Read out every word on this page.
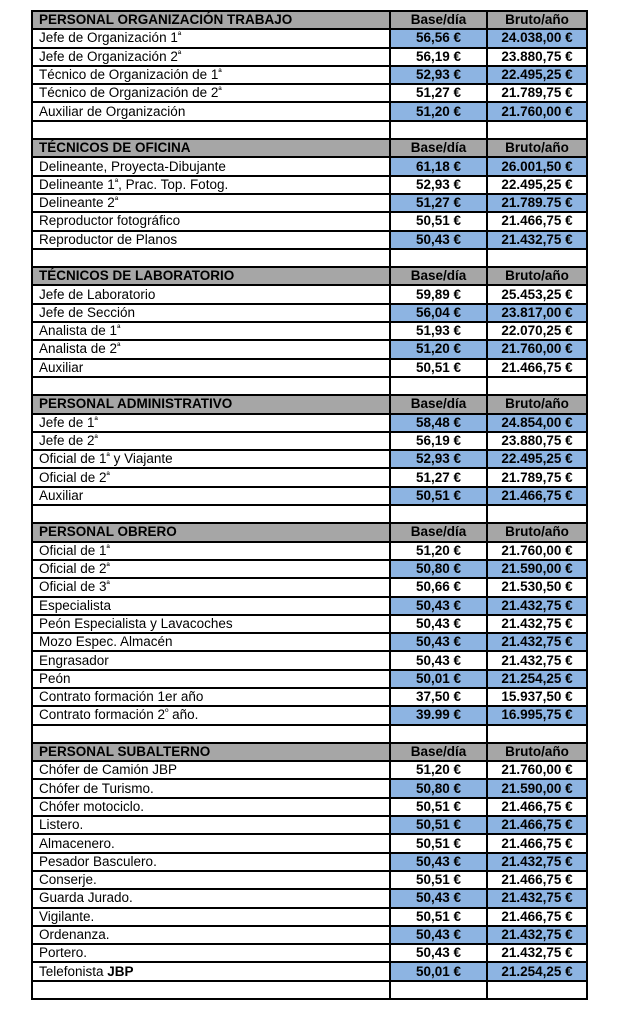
PERSONAL ORGANIZACIÓN TRABAJO	Base/día	Bruto/año
Jefe de Organización $1^ª$	56,56 €	24.038,00 €
Jefe de Organización $2^ª$	56,19 €	23.880,75 €
Técnico de Organización de $1^ª$	52,93 €	22.495,25 €
Técnico de Organización de $2^ª$	51,27 €	21.789,75 €
Auxiliar de Organización	51,20 €	21.760,00 €

TÉCNICOS DE OFICINA	Base/día	Bruto/año
Delineante, Proyecta-Dibujante	61,18 €	26.001,50 €
Delineante $1^ª$, Prac. Top. Fotog.	52,93 €	22.495,25 €
Delineante $2^ª$	51,27 €	21.789.75 €
Reproductor fotográfico	50,51 €	21.466,75 €
Reproductor de Planos	50,43 €	21.432,75 €

TÉCNICOS DE LABORATORIO	Base/día	Bruto/año
Jefe de Laboratorio	59,89 €	25.453,25 €
Jefe de Sección	56,04 €	23.817,00 €
Analista de $1^ª$	51,93 €	22.070,25 €
Analista de $2^ª$	51,20 €	21.760,00 €
Auxiliar	50,51 €	21.466,75 €

PERSONAL ADMINISTRATIVO	Base/día	Bruto/año
Jefe de $1^ª$	58,48 €	24.854,00 €
Jefe de $2^ª$	56,19 €	23.880,75 €
Oficial de $1^ª$ y Viajante	52,93 €	22.495,25 €
Oficial de $2^ª$	51,27 €	21.789,75 €
Auxiliar	50,51 €	21.466,75 €

PERSONAL OBRERO	Base/día	Bruto/año
Oficial de $1^ª$	51,20 €	21.760,00 €
Oficial de $2^ª$	50,80 €	21.590,00 €
Oficial de $3^ª$	50,66 €	21.530,50 €
Especialista	50,43 €	21.432,75 €
Peón Especialista y Lavacoches	50,43 €	21.432,75 €
Mozo Espec. Almacén	50,43 €	21.432,75 €
Engrasador	50,43 €	21.432,75 €
Peón	50,01 €	21.254,25 €
Contrato formación 1er año	37,50 €	15.937,50 €
Contrato formación $2^º$ año.	39.99 €	16.995,75 €

PERSONAL SUBALTERNO	Base/día	Bruto/año
Chófer de Camión JBP	51,20 €	21.760,00 €
Chófer de Turismo.	50,80 €	21.590,00 €
Chófer motociclo.	50,51 €	21.466,75 €
Listero.	50,51 €	21.466,75 €
Almacenero.	50,51 €	21.466,75 €
Pesador Basculero.	50,43 €	21.432,75 €
Conserje.	50,51 €	21.466,75 €
Guarda Jurado.	50,43 €	21.432,75 €
Vigilante.	50,51 €	21.466,75 €
Ordenanza.	50,43 €	21.432,75 €
Portero.	50,43 €	21.432,75 €
Telefonista JBP	50,01 €	21.254,25 €
